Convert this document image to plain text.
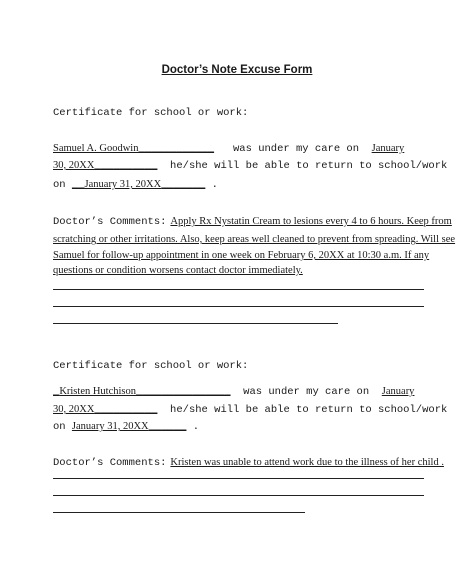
Doctor’s Note Excuse Form
Certificate for school or work:
Samuel A. Goodwin____________ was under my care on January
30, 20XX__________ he/she will be able to return to school/work
on __January 31, 20XX_______ .
Doctor’s Comments: Apply Rx Nystatin Cream to lesions every 4 to 6 hours. Keep from
scratching or other irritations. Also, keep areas well cleaned to prevent from spreading. Will see
Samuel for follow-up appointment in one week on February 6, 20XX at 10:30 a.m. If any
questions or condition worsens contact doctor immediately.
Certificate for school or work:
_Kristen Hutchison_______________ was under my care on January
30, 20XX__________ he/she will be able to return to school/work
on January 31, 20XX______ .
Doctor’s Comments: Kristen was unable to attend work due to the illness of her child .
